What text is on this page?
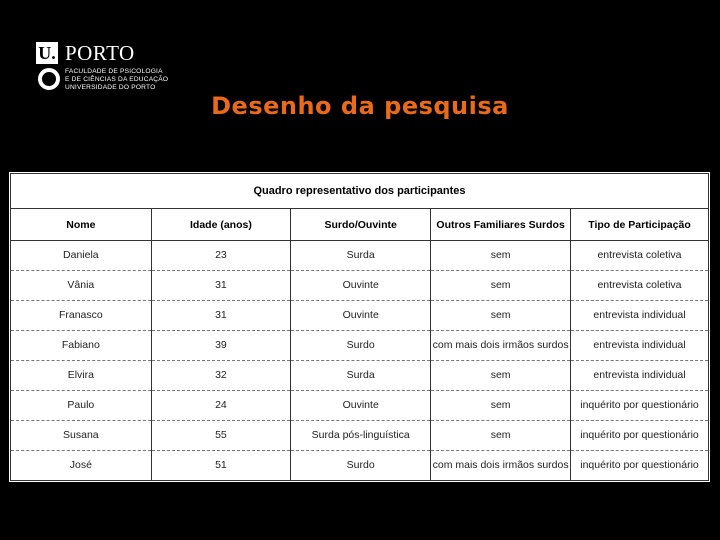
U. PORTO
FACULDADE DE PSICOLOGIA
E DE CIÊNCIAS DA EDUCAÇÃO
UNIVERSIDADE DO PORTO
Desenho da pesquisa
Quadro representativo dos participantes
Nome	Idade (anos)	Surdo/Ouvinte	Outros Familiares Surdos	Tipo de Participação
Daniela	23	Surda	sem	entrevista coletiva
Vânia	31	Ouvinte	sem	entrevista coletiva
Franasco	31	Ouvinte	sem	entrevista individual
Fabiano	39	Surdo	com mais dois irmãos surdos	entrevista individual
Elvira	32	Surda	sem	entrevista individual
Paulo	24	Ouvinte	sem	inquérito por questionário
Susana	55	Surda pós-linguística	sem	inquérito por questionário
José	51	Surdo	com mais dois irmãos surdos	inquérito por questionário
